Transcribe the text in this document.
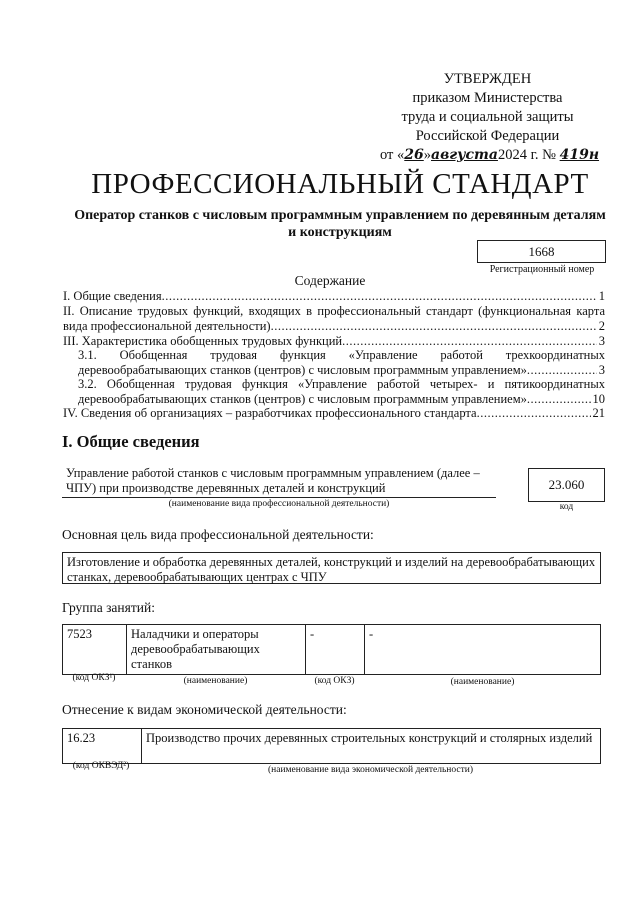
УТВЕРЖДЕН
приказом Министерства
труда и социальной защиты
Российской Федерации
от «26»августа2024 г. № 419н
ПРОФЕССИОНАЛЬНЫЙ СТАНДАРТ
Оператор станков с числовым программным управлением по деревянным деталям и конструкциям
1668
Регистрационный номер
Содержание
I. Общие сведения .....	1
II. Описание трудовых функций, входящих в профессиональный стандарт (функциональная карта
вида профессиональной деятельности) .....	2
III. Характеристика обобщенных трудовых функций .....	3
3.1. Обобщенная трудовая функция «Управление работой трехкоординатных
деревообрабатывающих станков (центров) с числовым программным управлением» .....	3
3.2. Обобщенная трудовая функция «Управление работой четырех- и пятикоординатных
деревообрабатывающих станков (центров) с числовым программным управлением» .....	10
IV. Сведения об организациях – разработчиках профессионального стандарта .....	21
I. Общие сведения
Управление работой станков с числовым программным управлением (далее – ЧПУ) при производстве деревянных деталей и конструкций
(наименование вида профессиональной деятельности)
23.060
код
Основная цель вида профессиональной деятельности:
Изготовление и обработка деревянных деталей, конструкций и изделий на деревообрабатывающих станках, деревообрабатывающих центрах с ЧПУ
Группа занятий:
7523	Наладчики и операторы деревообрабатывающих станков	-	-
(код ОКЗ¹)	(наименование)	(код ОКЗ)	(наименование)
Отнесение к видам экономической деятельности:
16.23	Производство прочих деревянных строительных конструкций и столярных изделий
(код ОКВЭД²)	(наименование вида экономической деятельности)
